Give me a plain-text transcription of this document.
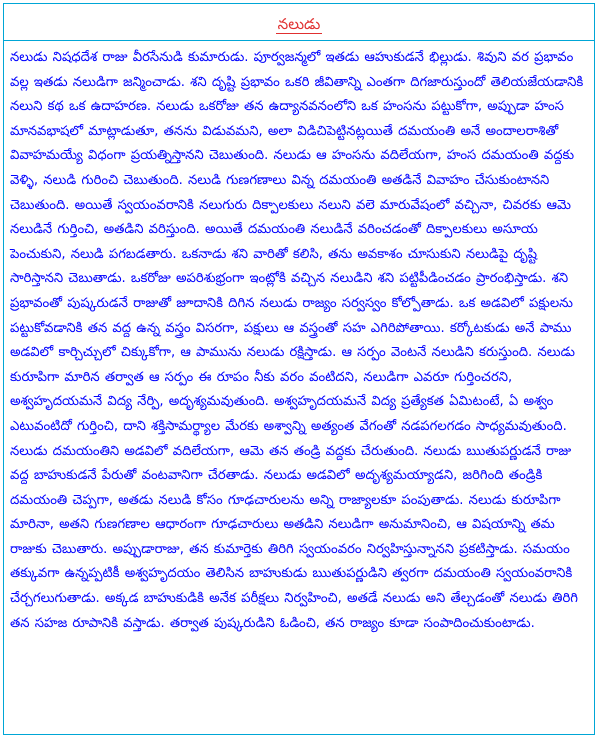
నలుడు

నలుడు నిషధదేశ రాజు వీరసేనుడి కుమారుడు. పూర్వజన్మలో ఇతడు ఆహుకుడనే భిల్లుడు. శివుని వర ప్రభావం వల్ల ఇతడు నలుడిగా జన్మించాడు. శని దృష్టి ప్రభావం ఒకరి జీవితాన్ని ఎంతగా దిగజారుస్తుందో తెలియజేయడానికి నలుని కథ ఒక ఉదాహరణ. నలుడు ఒకరోజు తన ఉద్యానవనంలోని ఒక హంసను పట్టుకోగా, అప్పుడా హంస మానవభాషలో మాట్లాడుతూ, తనను విడువమని, అలా విడిచిపెట్టినట్లయితే దమయంతి అనే అందాలరాశితో వివాహమయ్యే విధంగా ప్రయత్నిస్తానని చెబుతుంది. నలుడు ఆ హంసను వదిలేయగా, హంస దమయంతి వద్దకు వెళ్ళి, నలుడి గురించి చెబుతుంది. నలుడి గుణగణాలు విన్న దమయంతి అతడినే వివాహం చేసుకుంటానని చెబుతుంది. అయితే స్వయంవరానికి నలుగురు దిక్పాలకులు నలుని వలె మారువేషంలో వచ్చినా, చివరకు ఆమె నలుడినే గుర్తించి, అతడిని వరిస్తుంది. అయితే దమయంతి నలుడినే వరించడంతో దిక్పాలకులు అసూయ పెంచుకుని, నలుడి పగబడతారు. ఒకనాడు శని వారితో కలిసి, తను అవకాశం చూసుకుని నలుడిపై దృష్టి సారిస్తానని చెబుతాడు. ఒకరోజు అపరిశుభ్రంగా ఇంట్లోకి వచ్చిన నలుడిని శని పట్టిపీడించడం ప్రారంభిస్తాడు. శని ప్రభావంతో పుష్కరుడనే రాజుతో జూదానికి దిగిన నలుడు రాజ్యం సర్వస్వం కోల్పోతాడు. ఒక అడవిలో పక్షులను పట్టుకోవడానికి తన వద్ద ఉన్న వస్త్రం విసరగా, పక్షులు ఆ వస్త్రంతో సహ ఎగిరిపోతాయి. కర్కోటకుడు అనే పాము అడవిలో కార్చిచ్చులో చిక్కుకోగా, ఆ పామును నలుడు రక్షిస్తాడు. ఆ సర్పం వెంటనే నలుడిని కరుస్తుంది. నలుడు కురూపిగా మారిన తర్వాత ఆ సర్పం ఈ రూపం నీకు వరం వంటిదని, నలుడిగా ఎవరూ గుర్తించరని, అశ్వహృదయమనే విద్య నేర్పి, అదృశ్యమవుతుంది. అశ్వహృదయమనే విద్య ప్రత్యేకత ఏమిటంటే, ఏ అశ్వం ఎటువంటిదో గుర్తించి, దాని శక్తిసామర్థ్యాల మేరకు అశ్వాన్ని అత్యంత వేగంతో నడపగలగడం సాధ్యమవుతుంది. నలుడు దమయంతిని అడవిలో వదిలేయగా, ఆమె తన తండ్రి వద్దకు చేరుతుంది. నలుడు ఋతుపర్ణుడనే రాజు వద్ద బాహుకుడనే పేరుతో వంటవానిగా చేరతాడు. నలుడు అడవిలో అదృశ్యమయ్యాడని, జరిగింది తండ్రికి దమయంతి చెప్పగా, అతడు నలుడి కోసం గూఢచారులను అన్ని రాజ్యాలకూ పంపుతాడు. నలుడు కురూపిగా మారినా, అతని గుణగణాల ఆధారంగా గూఢచారులు అతడిని నలుడిగా అనుమానించి, ఆ విషయాన్ని తమ రాజుకు చెబుతారు. అప్పుడారాజు, తన కుమార్తెకు తిరిగి స్వయంవరం నిర్వహిస్తున్నానని ప్రకటిస్తాడు. సమయం తక్కువగా ఉన్నప్పటికీ అశ్వహృదయం తెలిసిన బాహుకుడు ఋతుపర్ణుడిని త్వరగా దమయంతి స్వయంవరానికి చేర్చగలుగుతాడు. అక్కడ బాహుకుడికి అనేక పరీక్షలు నిర్వహించి, అతడే నలుడు అని తేల్చడంతో నలుడు తిరిగి తన సహజ రూపానికి వస్తాడు. తర్వాత పుష్కరుడిని ఓడించి, తన రాజ్యం కూడా సంపాదించుకుంటాడు.
